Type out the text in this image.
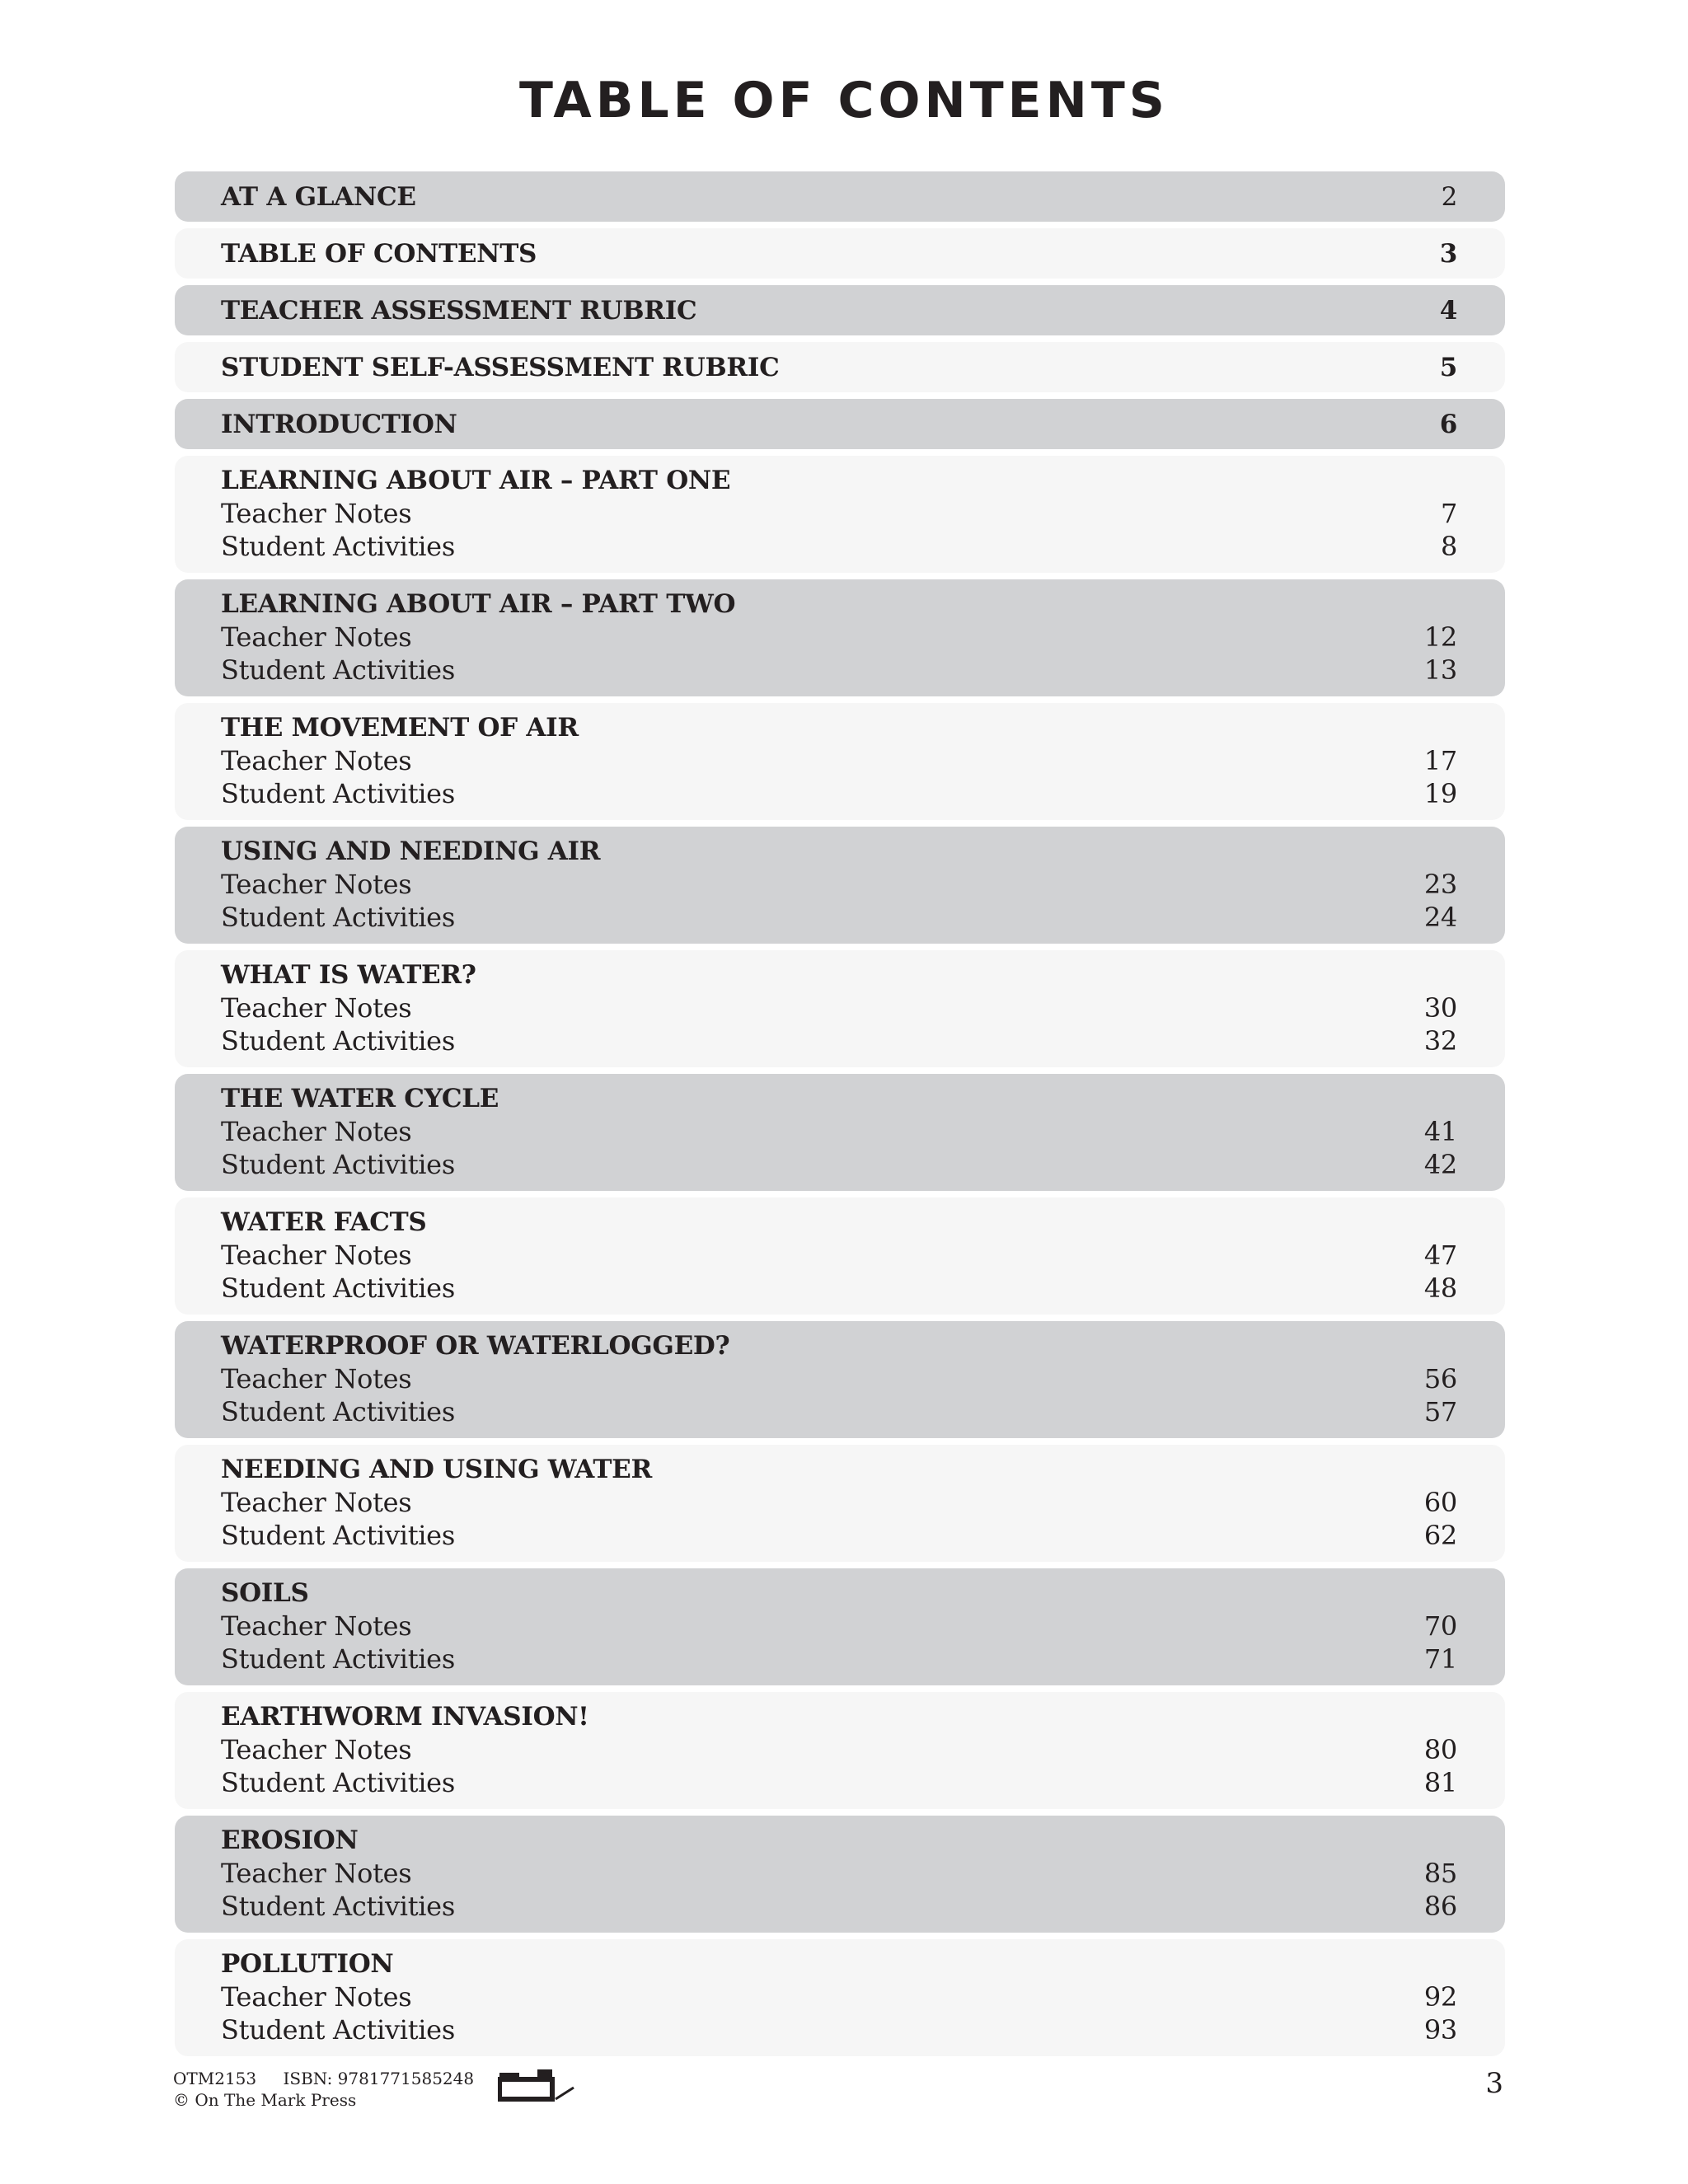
TABLE OF CONTENTS
AT A GLANCE	2
TABLE OF CONTENTS	3
TEACHER ASSESSMENT RUBRIC	4
STUDENT SELF-ASSESSMENT RUBRIC	5
INTRODUCTION	6
LEARNING ABOUT AIR – PART ONE
Teacher Notes	7
Student Activities	8
LEARNING ABOUT AIR – PART TWO
Teacher Notes	12
Student Activities	13
THE MOVEMENT OF AIR
Teacher Notes	17
Student Activities	19
USING AND NEEDING AIR
Teacher Notes	23
Student Activities	24
WHAT IS WATER?
Teacher Notes	30
Student Activities	32
THE WATER CYCLE
Teacher Notes	41
Student Activities	42
WATER FACTS
Teacher Notes	47
Student Activities	48
WATERPROOF OR WATERLOGGED?
Teacher Notes	56
Student Activities	57
NEEDING AND USING WATER
Teacher Notes	60
Student Activities	62
SOILS
Teacher Notes	70
Student Activities	71
EARTHWORM INVASION!
Teacher Notes	80
Student Activities	81
EROSION
Teacher Notes	85
Student Activities	86
POLLUTION
Teacher Notes	92
Student Activities	93
OTM2153 ISBN: 9781771585248
© On The Mark Press	3
